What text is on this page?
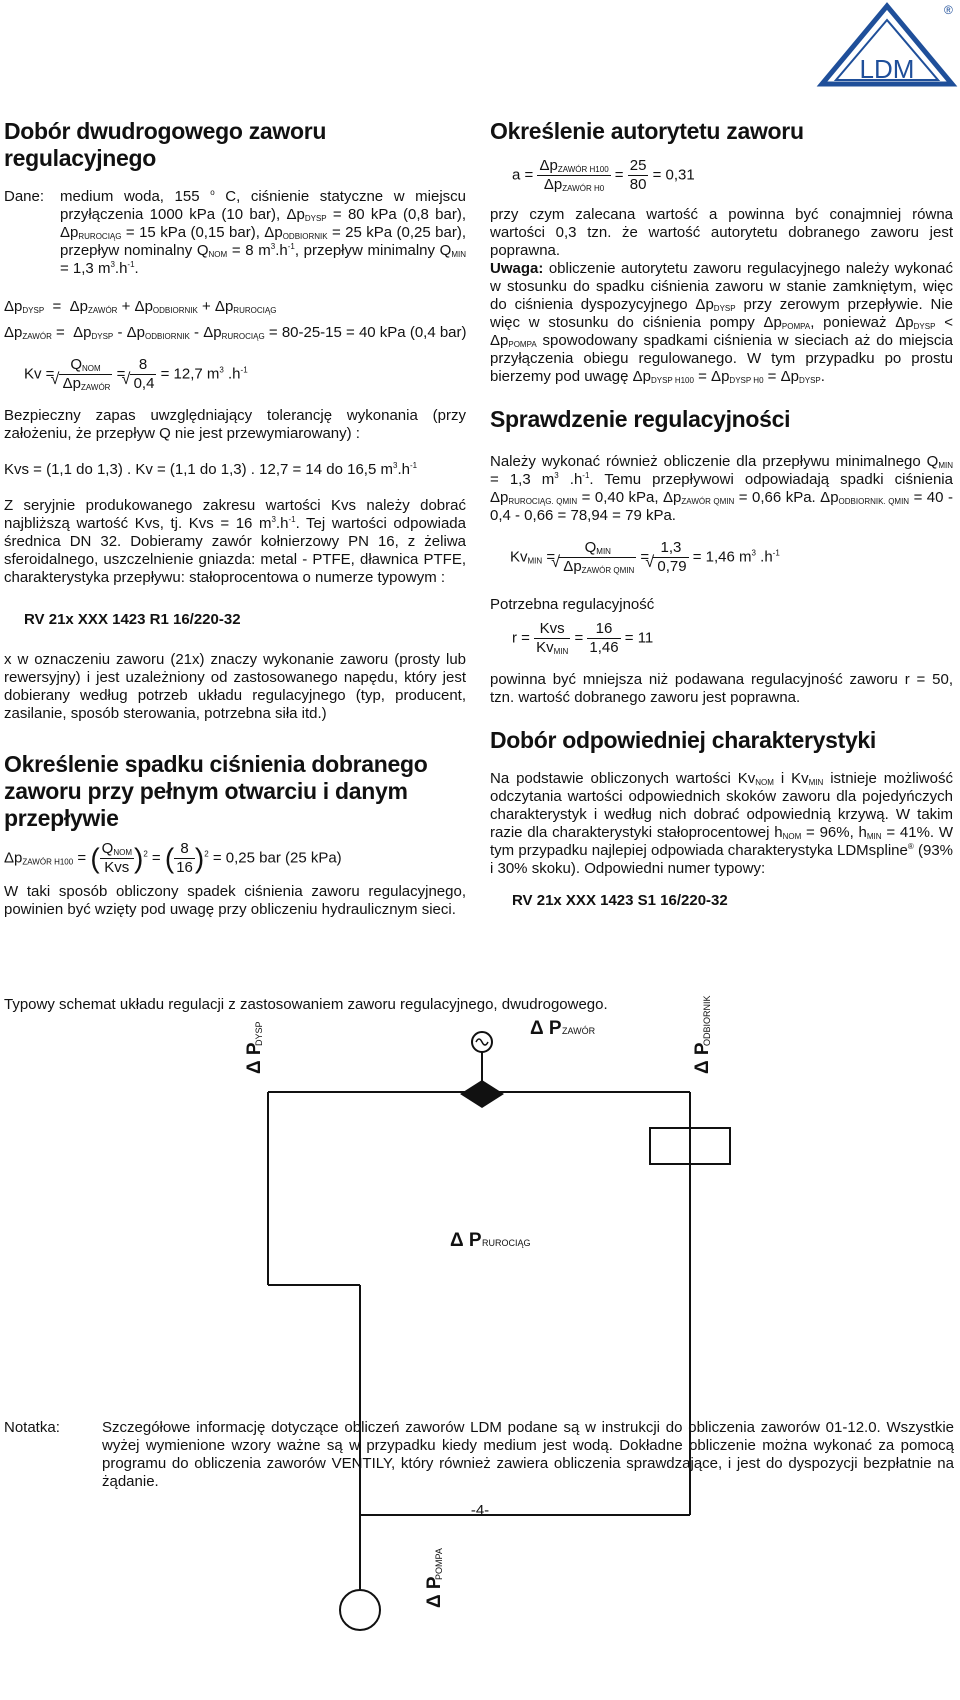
LDM
®
Dobór dwudrogowego zaworu regulacyjnego
Dane:	medium woda, 155 $^o$ C, ciśnienie statyczne w miejscu przyłączenia 1000 kPa (10 bar), $\Delta p_{DYSP} = 80$ kPa (0,8 bar), $\Delta p_{RUROCIĄG} = 15$ kPa (0,15 bar), $\Delta p_{ODBIORNIK} = 25$ kPa (0,25 bar), przepływ nominalny $Q_{NOM} = 8$ $m^3.h^{-1}$, przepływ minimalny $Q_{MIN} = 1,3$ $m^3.h^{-1}$.
$\Delta p_{DYSP} = \Delta p_{ZAWÓR} + \Delta p_{ODBIORNIK} + \Delta p_{RUROCIĄG}$
$\Delta p_{ZAWÓR} = \Delta p_{DYSP} - \Delta p_{ODBIORNIK} - \Delta p_{RUROCIĄG} = 80-25-15 = 40$ kPa (0,4 bar)
$Kv = Q_{NOM}$
√ $\Delta p_{ZAWÓR} = 8$
√ 0,4 = 12,7 $m^3$ $.h^{-1}$

Bezpieczny zapas uwzględniający tolerancję wykonania (przy założeniu, że przepływ Q nie jest przewymiarowany) :

Kvs = (1,1 do 1,3) . Kv = (1,1 do 1,3) . 12,7 = 14 do 16,5 $m^3.h^{-1}$

Z seryjnie produkowanego zakresu wartości Kvs należy dobrać najbliższą wartość Kvs, tj. Kvs = 16 $m^3.h^{-1}$. Tej wartości odpowiada średnica DN 32. Dobieramy zawór kołnierzowy PN 16, z żeliwa sferoidalnego, uszczelnienie gniazda: metal - PTFE, dławnica PTFE, charakterystyka przepływu: stałoprocentowa o numerze typowym :

RV 21x XXX 1423 R1 16/220-32

x w oznaczeniu zaworu (21x) znaczy wykonanie zaworu (prosty lub rewersyjny) i jest uzależniony od zastosowanego napędu, który jest dobierany według potrzeb układu regulacyjnego (typ, producent, zasilanie, sposób sterowania, potrzebna siła itd.)

Określenie spadku ciśnienia dobranego zaworu przy pełnym otwarciu i danym przepływie
$\Delta p_{ZAWÓR H100}$ = ( $\frac{Q_{NOM}}{\text{Kvs}} )^2$ = ( $\frac{8}{16} )^2 = 0,25$ bar (25 kPa)

W taki sposób obliczony spadek ciśnienia zaworu regulacyjnego, powinien być wzięty pod uwagę przy obliczeniu hydraulicznym sieci.

Określenie autorytetu zaworu
$a = \frac{\Delta p_{ZAWÓR H100}}{\Delta p_{ZAWÓR H0}} = \frac{25}{80} = 0,31$

przy czym zalecana wartość a powinna być conajmniej równa wartości 0,3 tzn. że wartość autorytetu dobranego zaworu jest poprawna.

Uwaga: obliczenie autorytetu zaworu regulacyjnego należy wykonać w stosunku do spadku ciśnienia zaworu w stanie zamkniętym, więc do ciśnienia dyspozycyjnego $\Delta p_{DYSP}$ przy zerowym przepływie. Nie więc w stosunku do ciśnienia pompy $\Delta p_{POMPA}$, ponieważ $\Delta p_{DYSP} < \Delta p_{POMPA}$ spowodowany spadkami ciśnienia w sieciach aż do miejscia przyłączenia obiegu regulowanego. W tym przypadku po prostu bierzemy pod uwagę $\Delta p_{DYSP H100} = \Delta p_{DYSP H0} = \Delta p_{DYSP}$.

Sprawdzenie regulacyjności

Należy wykonać również obliczenie dla przepływu minimalnego $Q_{MIN} = 1,3$ $m^3$ $.h^{-1}$. Temu przepływowi odpowiadają spadki ciśnienia $\Delta p_{RUROCIĄG. QMIN} = 0,40$ kPa, $\Delta p_{ZAWÓR QMIN} = 0,66$ kPa. $\Delta p_{ODBIORNIK. QMIN} = 40 - 0,4 - 0,66 = 78,94 = 79$ kPa.

$Kv_{MIN} = Q_{MIN}$
√ $\Delta p_{ZAWÓR QMIN} = 1,3$
√ 0,79 = 1,46 $m^3$ $.h^{-1}$
Potrzebna regulacyjność
$r = \frac{\text{Kvs}}{Kv_{MIN}} = \frac{16}{1,46} = 11$

powinna być mniejsza niż podawana regulacyjność zaworu r = 50, tzn. wartość dobranego zaworu jest poprawna.

Dobór odpowiedniej charakterystyki

Na podstawie obliczonych wartości $Kv_{NOM}$ i $Kv_{MIN}$ istnieje możliwość odczytania wartości odpowiednich skoków zaworu dla pojedyńczych charakterystyk i według nich dobrać odpowiednią krzywą. W takim razie dla charakterystyki stałoprocentowej $h_{NOM} = 96\%$, $h_{MIN} = 41\%$. W tym przypadku najlepiej odpowiada charakterystyka LDMspline® (93% i 30% skoku). Odpowiedni numer typowy:

RV 21x XXX 1423 S1 16/220-32
Typowy schemat układu regulacji z zastosowaniem zaworu regulacyjnego, dwudrogowego.
Δ P ZAWÓR
Δ P RUROCIĄG
Δ P
DYSP
Δ P
ODBIORNIK
Δ P
POMPA
Notatka:	Szczegółowe informację dotyczące obliczeń zaworów LDM podane są w instrukcji do obliczenia zaworów 01-12.0. Wszystkie wyżej wymienione wzory ważne są w przypadku kiedy medium jest wodą. Dokładne obliczenie można wykonać za pomocą programu do obliczenia zaworów VENTILY, który również zawiera obliczenia sprawdzające, i jest do dyspozycji bezpłatnie na żądanie.

-4-
